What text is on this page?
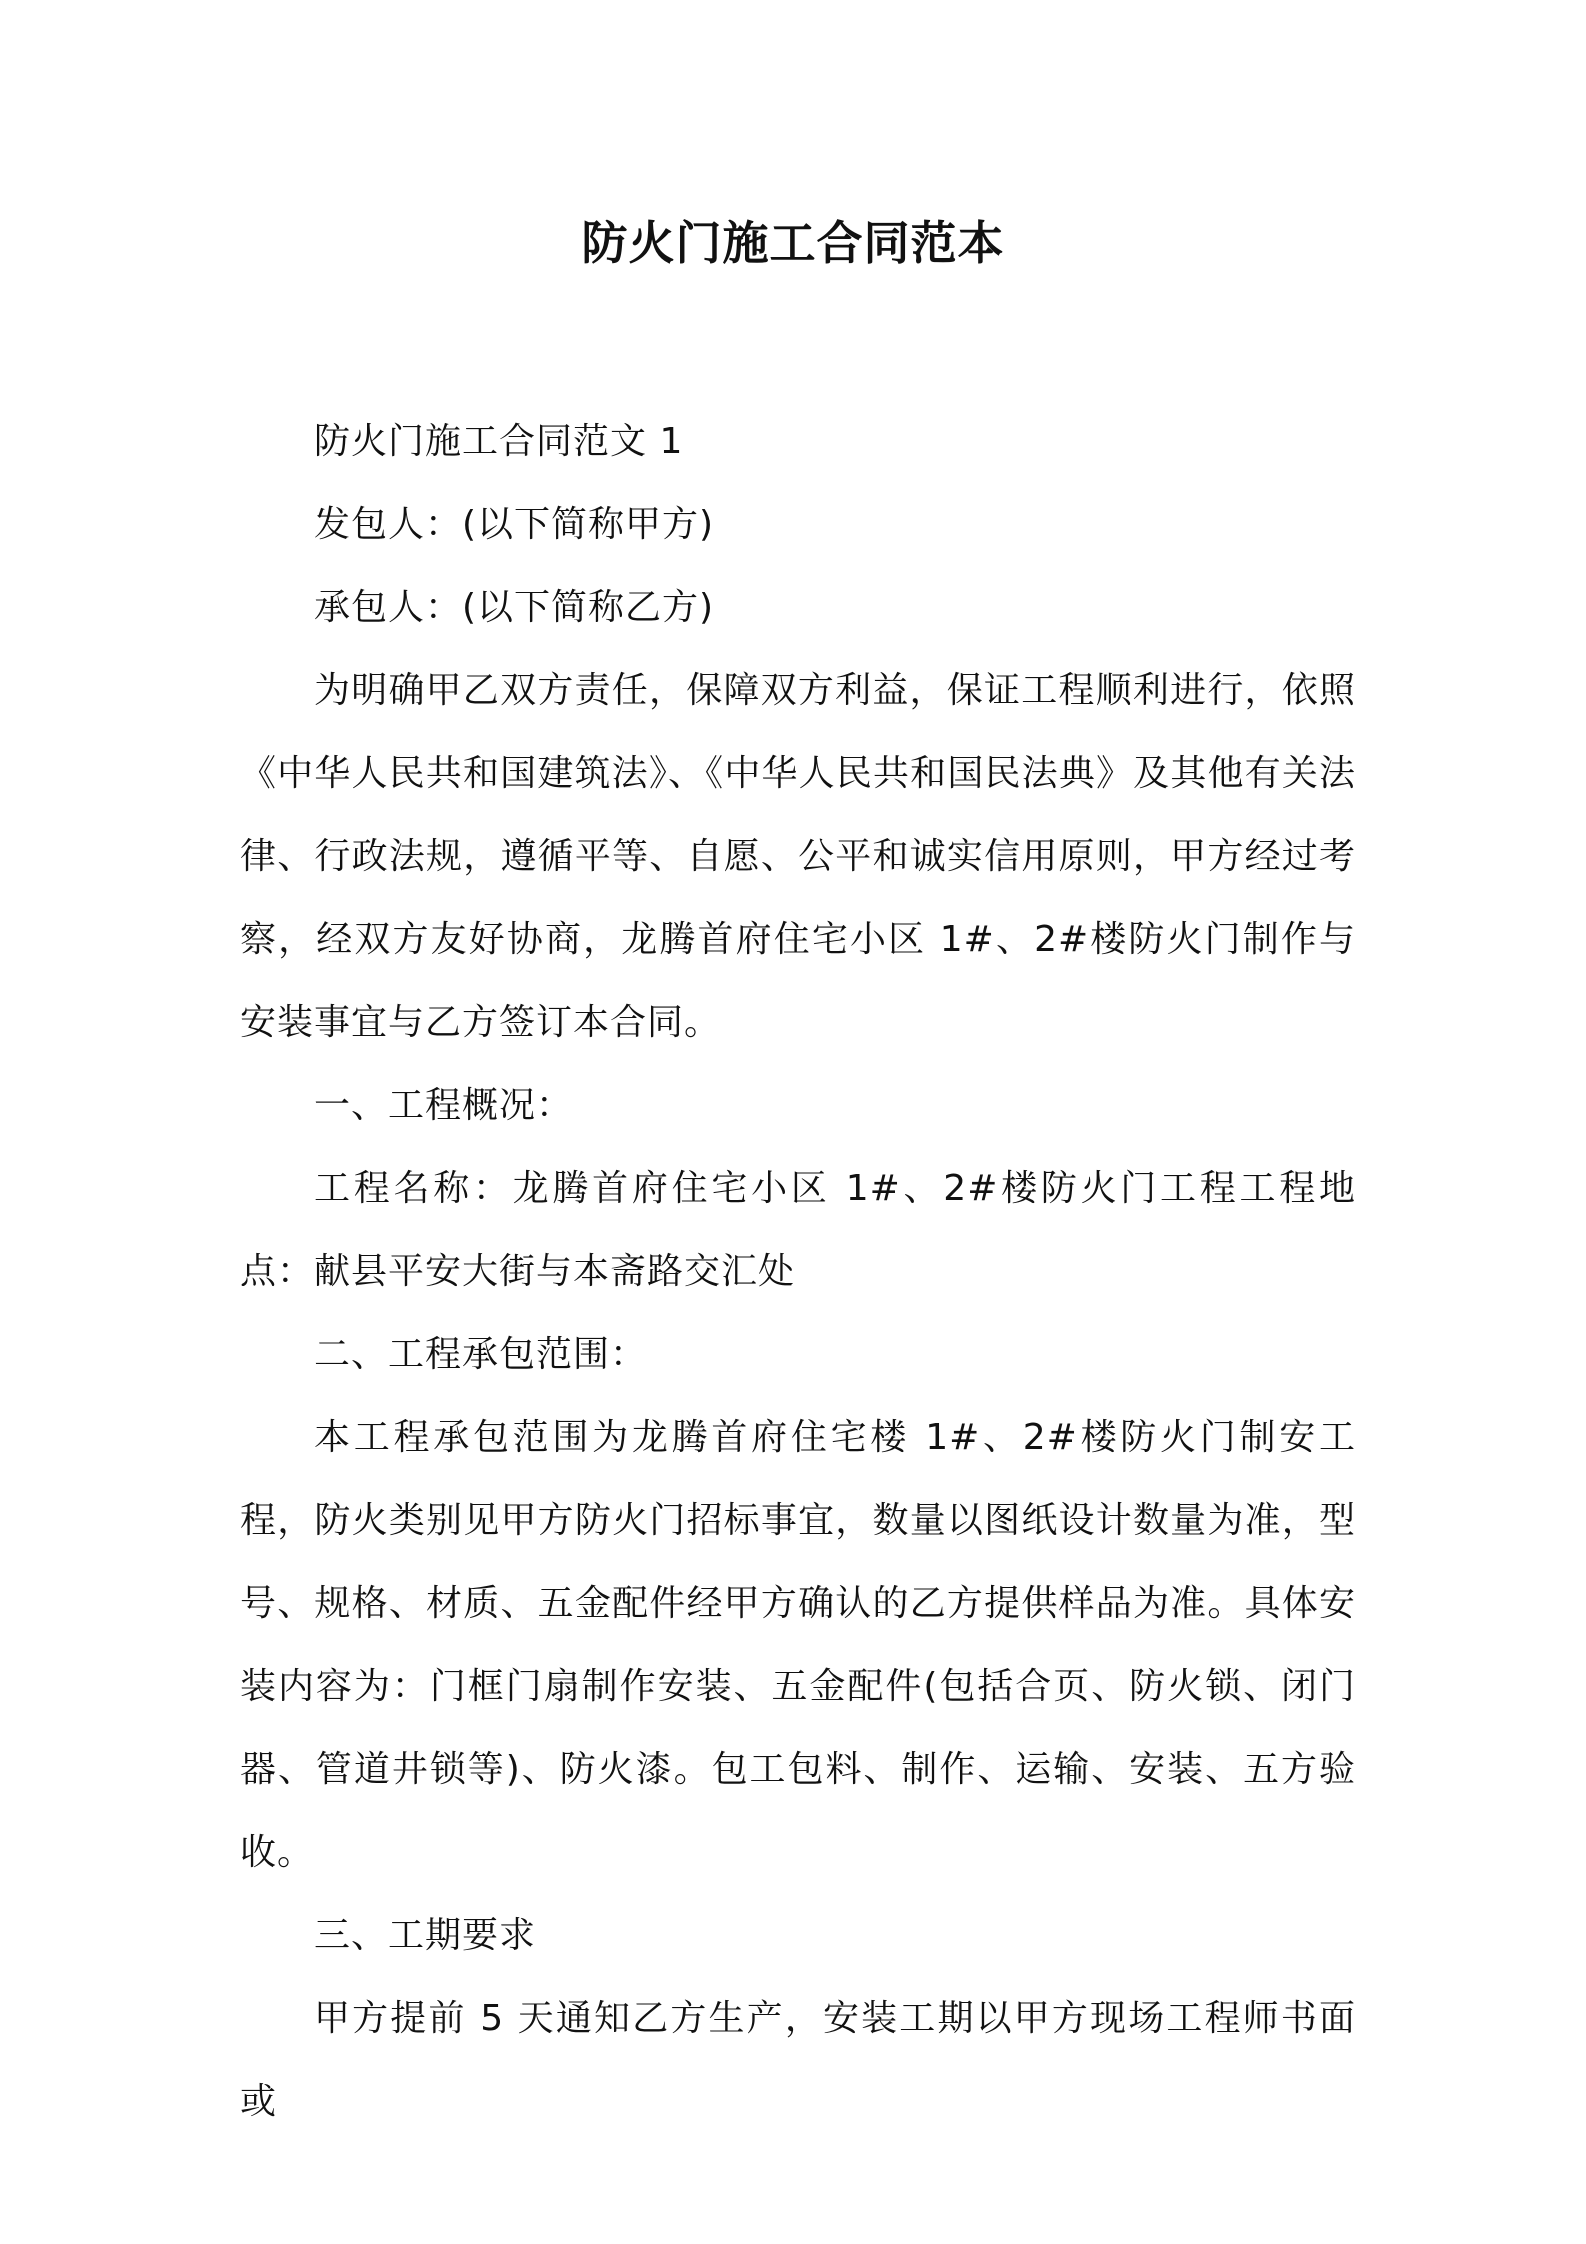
防火门施工合同范本

防火门施工合同范文 1

发包人：(以下简称甲方)

承包人：(以下简称乙方)

为明确甲乙双方责任，保障双方利益，保证工程顺利进行，依照《中华人民共和国建筑法》、《中华人民共和国民法典》及其他有关法律、行政法规，遵循平等、自愿、公平和诚实信用原则，甲方经过考察，经双方友好协商，龙腾首府住宅小区 1#、2#楼防火门制作与安装事宜与乙方签订本合同。

一、工程概况：

工程名称：龙腾首府住宅小区 1#、2#楼防火门工程工程地点：献县平安大街与本斋路交汇处

二、工程承包范围：

本工程承包范围为龙腾首府住宅楼 1#、2#楼防火门制安工程，防火类别见甲方防火门招标事宜，数量以图纸设计数量为准，型号、规格、材质、五金配件经甲方确认的乙方提供样品为准。具体安装内容为：门框门扇制作安装、五金配件(包括合页、防火锁、闭门器、管道井锁等)、防火漆。包工包料、制作、运输、安装、五方验收。

三、工期要求

甲方提前 5 天通知乙方生产，安装工期以甲方现场工程师书面或
